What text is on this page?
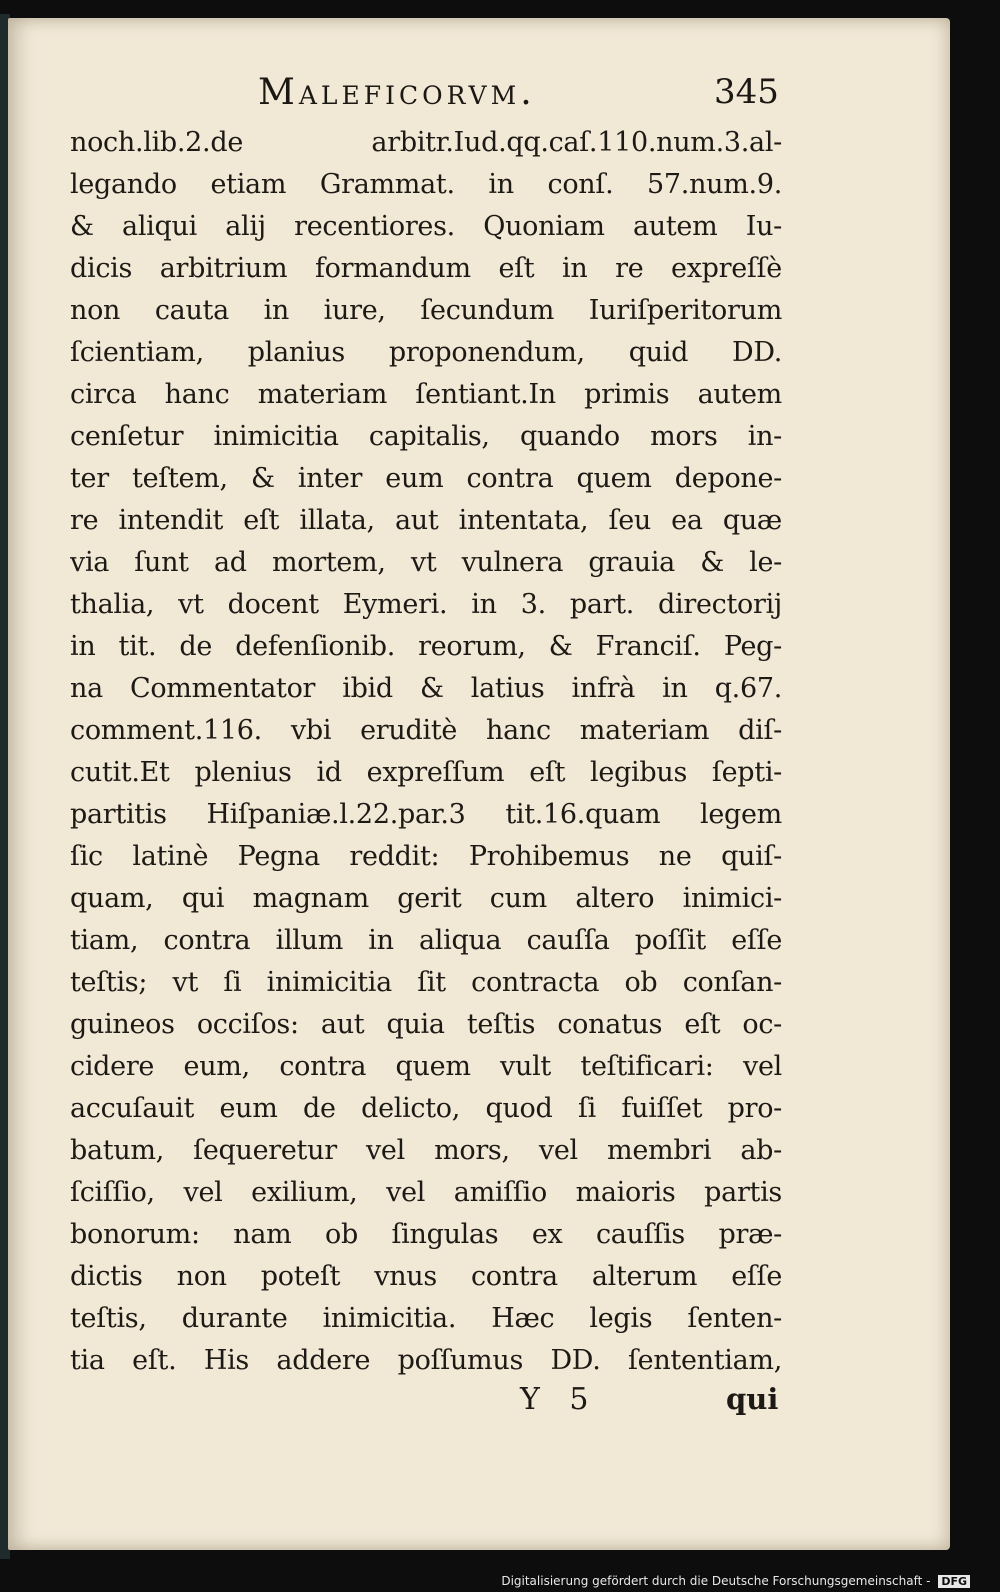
Maleficorvm.	345
noch.lib.2.de arbitr.Iud.qq.caſ.110.num.3.al-
legando etiam Grammat. in conſ. 57.num.9.
& aliqui alij recentiores. Quoniam autem Iu-
dicis arbitrium formandum eſt in re expreſſè
non cauta in iure, ſecundum Iuriſperitorum
ſcientiam, planius proponendum, quid DD.
circa hanc materiam ſentiant.In primis autem
cenſetur inimicitia capitalis, quando mors in-
ter teſtem, & inter eum contra quem depone-
re intendit eſt illata, aut intentata, ſeu ea quæ
via ſunt ad mortem, vt vulnera grauia & le-
thalia, vt docent Eymeri. in 3. part. directorij
in tit. de defenſionib. reorum, & Franciſ. Peg-
na Commentator ibid & latius infrà in q.67.
comment.116. vbi eruditè hanc materiam diſ-
cutit.Et plenius id expreſſum eſt legibus ſepti-
partitis Hiſpaniæ.l.22.par.3 tit.16.quam legem
ſic latinè Pegna reddit: Prohibemus ne quiſ-
quam, qui magnam gerit cum altero inimici-
tiam, contra illum in aliqua cauſſa poſſit eſſe
teſtis; vt ſi inimicitia ſit contracta ob conſan-
guineos occiſos: aut quia teſtis conatus eſt oc-
cidere eum, contra quem vult teſtificari: vel
accuſauit eum de delicto, quod ſi fuiſſet pro-
batum, ſequeretur vel mors, vel membri ab-
ſciſſio, vel exilium, vel amiſſio maioris partis
bonorum: nam ob ſingulas ex cauſſis præ-
dictis non poteſt vnus contra alterum eſſe
teſtis, durante inimicitia. Hæc legis ſenten-
tia eſt. His addere poſſumus DD. ſententiam,
Y 5	qui
Digitalisierung gefördert durch die Deutsche Forschungsgemeinschaft - DFG
